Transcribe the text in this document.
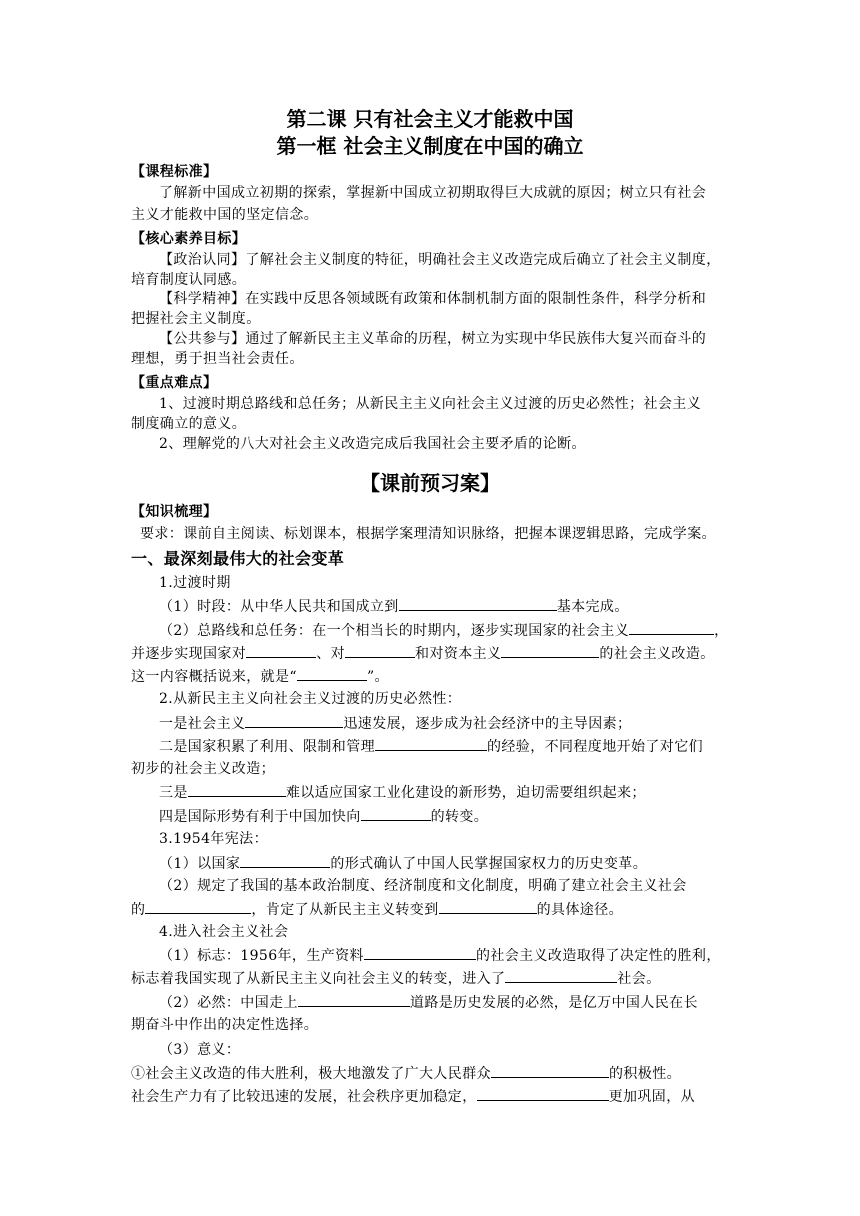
第二课 只有社会主义才能救中国
第一框 社会主义制度在中国的确立
【课程标准】
了解新中国成立初期的探索，掌握新中国成立初期取得巨大成就的原因；树立只有社会
主义才能救中国的坚定信念。
【核心素养目标】
【政治认同】了解社会主义制度的特征，明确社会主义改造完成后确立了社会主义制度，
培育制度认同感。
【科学精神】在实践中反思各领域既有政策和体制机制方面的限制性条件，科学分析和
把握社会主义制度。
【公共参与】通过了解新民主主义革命的历程，树立为实现中华民族伟大复兴而奋斗的
理想，勇于担当社会责任。
【重点难点】
1、过渡时期总路线和总任务；从新民主主义向社会主义过渡的历史必然性；社会主义
制度确立的意义。
2、理解党的八大对社会主义改造完成后我国社会主要矛盾的论断。
【课前预习案】
【知识梳理】
要求：课前自主阅读、标划课本，根据学案理清知识脉络，把握本课逻辑思路，完成学案。
一、最深刻最伟大的社会变革
1.过渡时期
（1）时段：从中华人民共和国成立到	基本完成。
（2）总路线和总任务：在一个相当长的时期内，逐步实现国家的社会主义	，
并逐步实现国家对	、对	和对资本主义	的社会主义改造。
这一内容概括说来，就是“	”。
2.从新民主主义向社会主义过渡的历史必然性：
一是社会主义	迅速发展，逐步成为社会经济中的主导因素；
二是国家积累了利用、限制和管理	的经验，不同程度地开始了对它们
初步的社会主义改造；
三是	难以适应国家工业化建设的新形势，迫切需要组织起来；
四是国际形势有利于中国加快向	的转变。
3.1954年宪法：
（1）以国家	的形式确认了中国人民掌握国家权力的历史变革。
（2）规定了我国的基本政治制度、经济制度和文化制度，明确了建立社会主义社会
的	，肯定了从新民主主义转变到	的具体途径。
4.进入社会主义社会
（1）标志：1956年，生产资料	的社会主义改造取得了决定性的胜利，
标志着我国实现了从新民主主义向社会主义的转变，进入了	社会。
（2）必然：中国走上	道路是历史发展的必然，是亿万中国人民在长
期奋斗中作出的决定性选择。
（3）意义：
①社会主义改造的伟大胜利，极大地激发了广大人民群众	的积极性。
社会生产力有了比较迅速的发展，社会秩序更加稳定，	更加巩固，从
